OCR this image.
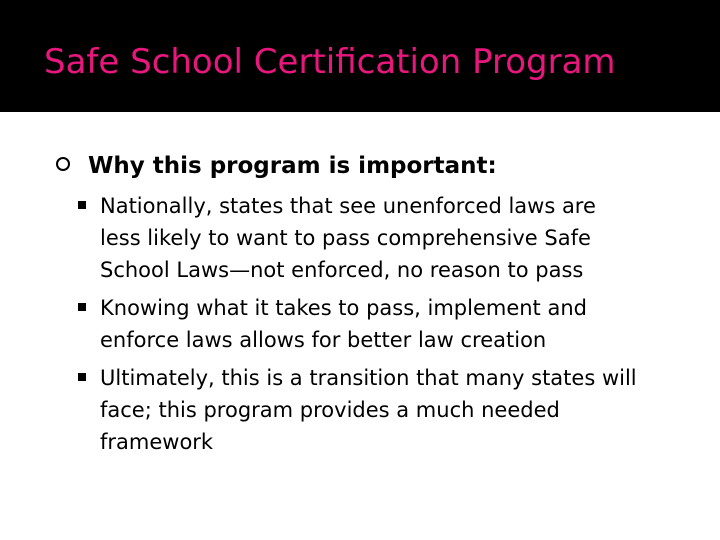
Safe School Certification Program
Why this program is important:
Nationally, states that see unenforced laws are
less likely to want to pass comprehensive Safe
School Laws—not enforced, no reason to pass
Knowing what it takes to pass, implement and
enforce laws allows for better law creation
Ultimately, this is a transition that many states will
face; this program provides a much needed
framework
